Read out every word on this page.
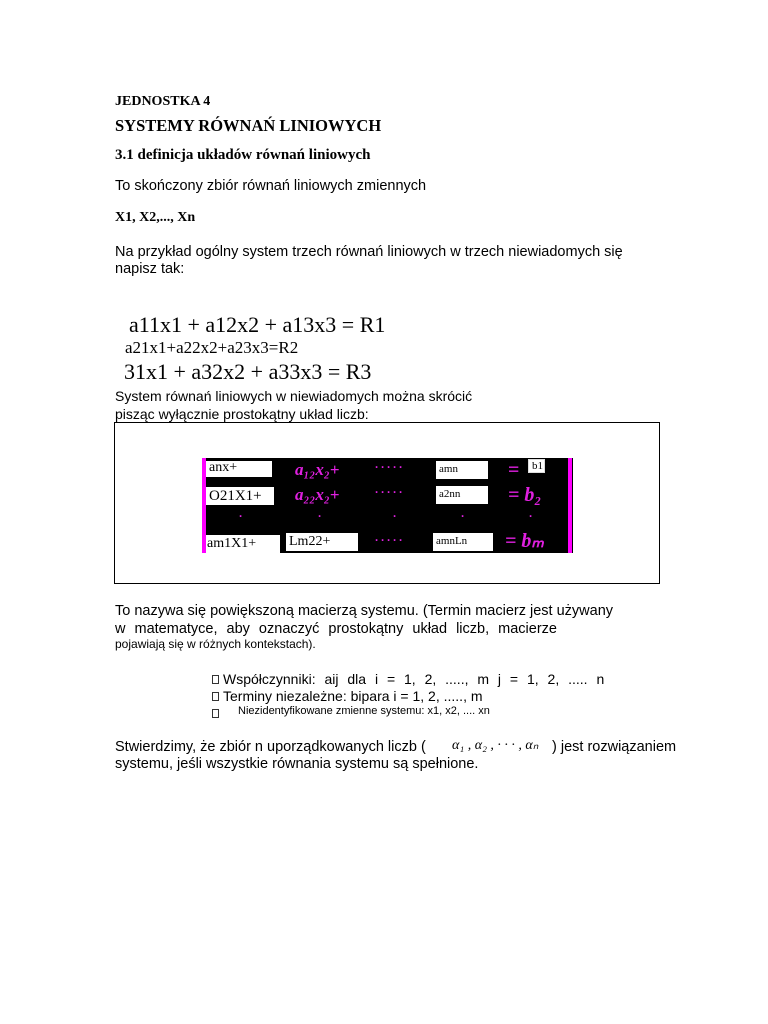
JEDNOSTKA 4
SYSTEMY RÓWNAŃ LINIOWYCH
3.1 definicja układów równań liniowych
To skończony zbiór równań liniowych zmiennych
X1, X2,..., Xn
Na przykład ogólny system trzech równań liniowych w trzech niewiadomych się
napisz tak:
a11x1 + a12x2 + a13x3 = R1
a21x1+a22x2+a23x3=R2
31x1 + a32x2 + a33x3 = R3
System równań liniowych w niewiadomych można skrócić
pisząc wyłącznie prostokątny układ liczb:
anx+	a₁₂x₂+	· · · · ·	amn	=	b1
O21X1+	a₂₂x₂+	· · · · ·	a2nn	= b₂
·	·	·	·	·
am1X1+	Lm22+	· · · · ·	amnLn	= bₘ
To nazywa się powiększoną macierzą systemu. (Termin macierz jest używany
w matematyce, aby oznaczyć prostokątny układ liczb, macierze
pojawiają się w różnych kontekstach).
Współczynniki: aij dla i = 1, 2, ....., m j = 1, 2, ..... n
Terminy niezależne: bipara i = 1, 2, ....., m
Niezidentyfikowane zmienne systemu: x1, x2, .... xn
Stwierdzimy, że zbiór n uporządkowanych liczb ( α₁ , α₂ , · · · , αₙ ) jest rozwiązaniem
systemu, jeśli wszystkie równania systemu są spełnione.
